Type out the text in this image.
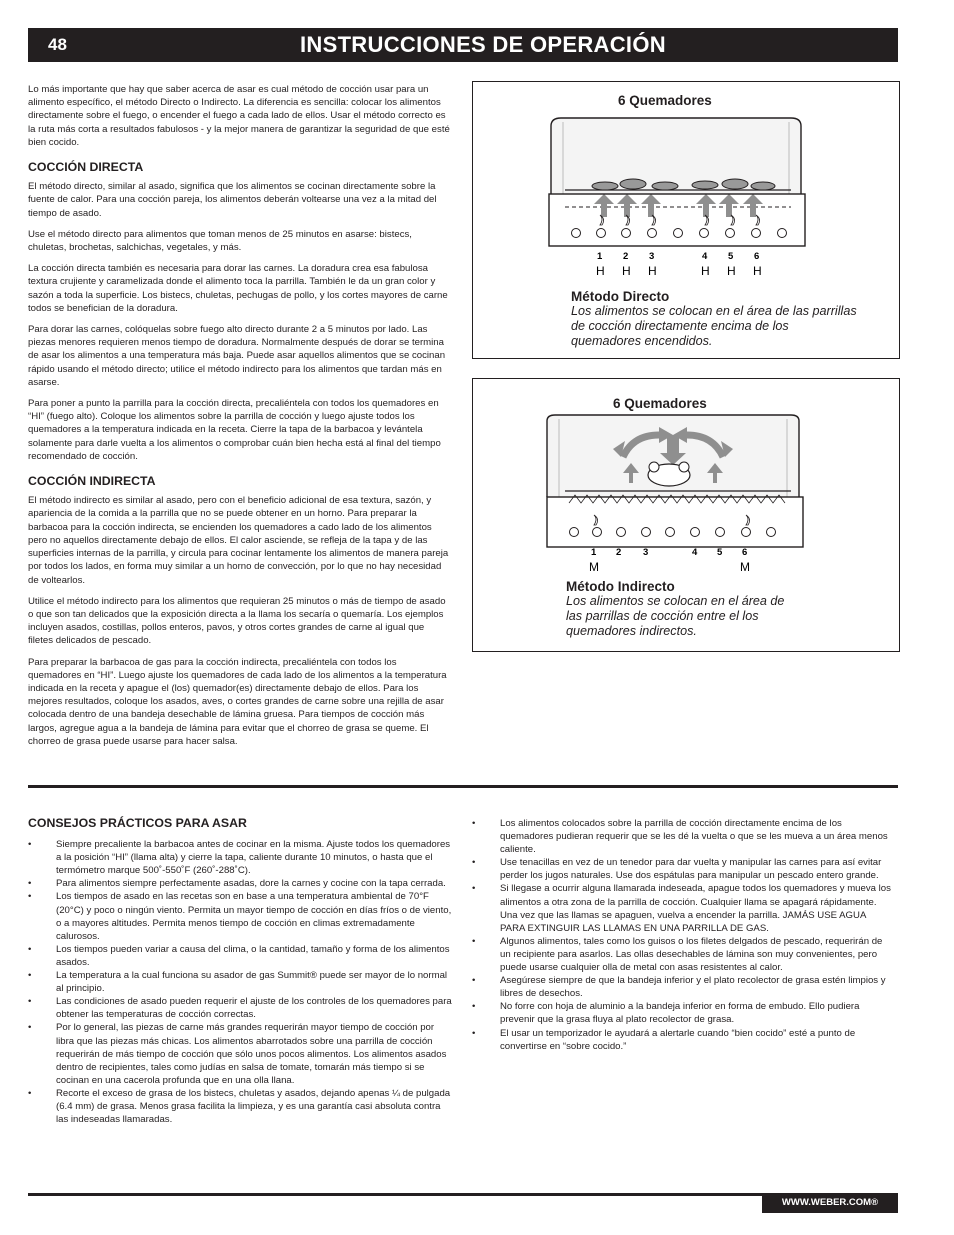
48	INSTRUCCIONES DE OPERACIÓN

Lo más importante que hay que saber acerca de asar es cual método de cocción usar para un alimento específico, el método Directo o Indirecto. La diferencia es sencilla: colocar los alimentos directamente sobre el fuego, o encender el fuego a cada lado de ellos. Usar el método correcto es la ruta más corta a resultados fabulosos - y la mejor manera de garantizar la seguridad de que esté bien cocido.

COCCIÓN DIRECTA

El método directo, similar al asado, significa que los alimentos se cocinan directamente sobre la fuente de calor. Para una cocción pareja, los alimentos deberán voltearse una vez a la mitad del tiempo de asado.

Use el método directo para alimentos que toman menos de 25 minutos en asarse: bistecs, chuletas, brochetas, salchichas, vegetales, y más.

La cocción directa también es necesaria para dorar las carnes. La doradura crea esa fabulosa textura crujiente y caramelizada donde el alimento toca la parrilla. También le da un gran color y sazón a toda la superficie. Los bistecs, chuletas, pechugas de pollo, y los cortes mayores de carne todos se benefician de la doradura.

Para dorar las carnes, colóquelas sobre fuego alto directo durante 2 a 5 minutos por lado. Las piezas menores requieren menos tiempo de doradura. Normalmente después de dorar se termina de asar los alimentos a una temperatura más baja. Puede asar aquellos alimentos que se cocinan rápido usando el método directo; utilice el método indirecto para los alimentos que tardan más en asarse.

Para poner a punto la parrilla para la cocción directa, precaliéntela con todos los quemadores en “HI” (fuego alto). Coloque los alimentos sobre la parrilla de cocción y luego ajuste todos los quemadores a la temperatura indicada en la receta. Cierre la tapa de la barbacoa y levántela solamente para darle vuelta a los alimentos o comprobar cuán bien hecha está al final del tiempo recomendado de cocción.

COCCIÓN INDIRECTA

El método indirecto es similar al asado, pero con el beneficio adicional de esa textura, sazón, y apariencia de la comida a la parrilla que no se puede obtener en un horno. Para preparar la barbacoa para la cocción indirecta, se encienden los quemadores a cado lado de los alimentos pero no aquellos directamente debajo de ellos. El calor asciende, se refleja de la tapa y de las superficies internas de la parrilla, y circula para cocinar lentamente los alimentos de manera pareja por todos los lados, en forma muy similar a un horno de convección, por lo que no hay necesidad de voltearlos.

Utilice el método indirecto para los alimentos que requieran 25 minutos o más de tiempo de asado o que son tan delicados que la exposición directa a la llama los secaría o quemaría. Los ejemplos incluyen asados, costillas, pollos enteros, pavos, y otros cortes grandes de carne al igual que filetes delicados de pescado.

Para preparar la barbacoa de gas para la cocción indirecta, precaliéntela con todos los quemadores en “HI”. Luego ajuste los quemadores de cada lado de los alimentos a la temperatura indicada en la receta y apague el (los) quemador(es) directamente debajo de ellos. Para los mejores resultados, coloque los asados, aves, o cortes grandes de carne sobre una rejilla de asar colocada dentro de una bandeja desechable de lámina gruesa. Para tiempos de cocción más largos, agregue agua a la bandeja de lámina para evitar que el chorreo de grasa se queme. El chorreo de grasa puede usarse para hacer salsa.

1 2 3	4 5 6
H H H	H H H
6 Quemadores
Método Directo
Los alimentos se colocan en el área de las parrillas de cocción directamente encima de los quemadores encendidos.
1 2 3	4 5 6
M	M
6 Quemadores
Método Indirecto
Los alimentos se colocan en el área de las parrillas de cocción entre el los quemadores indirectos.
CONSEJOS PRÁCTICOS PARA ASAR
• Siempre precaliente la barbacoa antes de cocinar en la misma. Ajuste todos los quemadores a la posición “HI” (llama alta) y cierre la tapa, caliente durante 10 minutos, o hasta que el termómetro marque 500˚-550˚F (260˚-288˚C).
• Para alimentos siempre perfectamente asadas, dore la carnes y cocine con la tapa cerrada.
• Los tiempos de asado en las recetas son en base a una temperatura ambiental de 70°F (20°C) y poco o ningún viento. Permita un mayor tiempo de cocción en días fríos o de viento, o a mayores altitudes. Permita menos tiempo de cocción en climas extremadamente calurosos.
• Los tiempos pueden variar a causa del clima, o la cantidad, tamaño y forma de los alimentos asados.
• La temperatura a la cual funciona su asador de gas Summit® puede ser mayor de lo normal al principio.
• Las condiciones de asado pueden requerir el ajuste de los controles de los quemadores para obtener las temperaturas de cocción correctas.
• Por lo general, las piezas de carne más grandes requerirán mayor tiempo de cocción por libra que las piezas más chicas. Los alimentos abarrotados sobre una parrilla de cocción requerirán de más tiempo de cocción que sólo unos pocos alimentos. Los alimentos asados dentro de recipientes, tales como judías en salsa de tomate, tomarán más tiempo si se cocinan en una cacerola profunda que en una olla llana.
• Recorte el exceso de grasa de los bistecs, chuletas y asados, dejando apenas ¼ de pulgada (6.4 mm) de grasa. Menos grasa facilita la limpieza, y es una garantía casi absoluta contra las indeseadas llamaradas.
• Los alimentos colocados sobre la parrilla de cocción directamente encima de los quemadores pudieran requerir que se les dé la vuelta o que se les mueva a un área menos caliente.
• Use tenacillas en vez de un tenedor para dar vuelta y manipular las carnes para así evitar perder los jugos naturales. Use dos espátulas para manipular un pescado entero grande.
• Si llegase a ocurrir alguna llamarada indeseada, apague todos los quemadores y mueva los alimentos a otra zona de la parrilla de cocción. Cualquier llama se apagará rápidamente. Una vez que las llamas se apaguen, vuelva a encender la parrilla. JAMÁS USE AGUA PARA EXTINGUIR LAS LLAMAS EN UNA PARRILLA DE GAS.
• Algunos alimentos, tales como los guisos o los filetes delgados de pescado, requerirán de un recipiente para asarlos. Las ollas desechables de lámina son muy convenientes, pero puede usarse cualquier olla de metal con asas resistentes al calor.
• Asegúrese siempre de que la bandeja inferior y el plato recolector de grasa estén limpios y libres de desechos.
• No forre con hoja de aluminio a la bandeja inferior en forma de embudo. Ello pudiera prevenir que la grasa fluya al plato recolector de grasa.
• El usar un temporizador le ayudará a alertarle cuando “bien cocido” esté a punto de convertirse en “sobre cocido.”
WWW.WEBER.COM®
